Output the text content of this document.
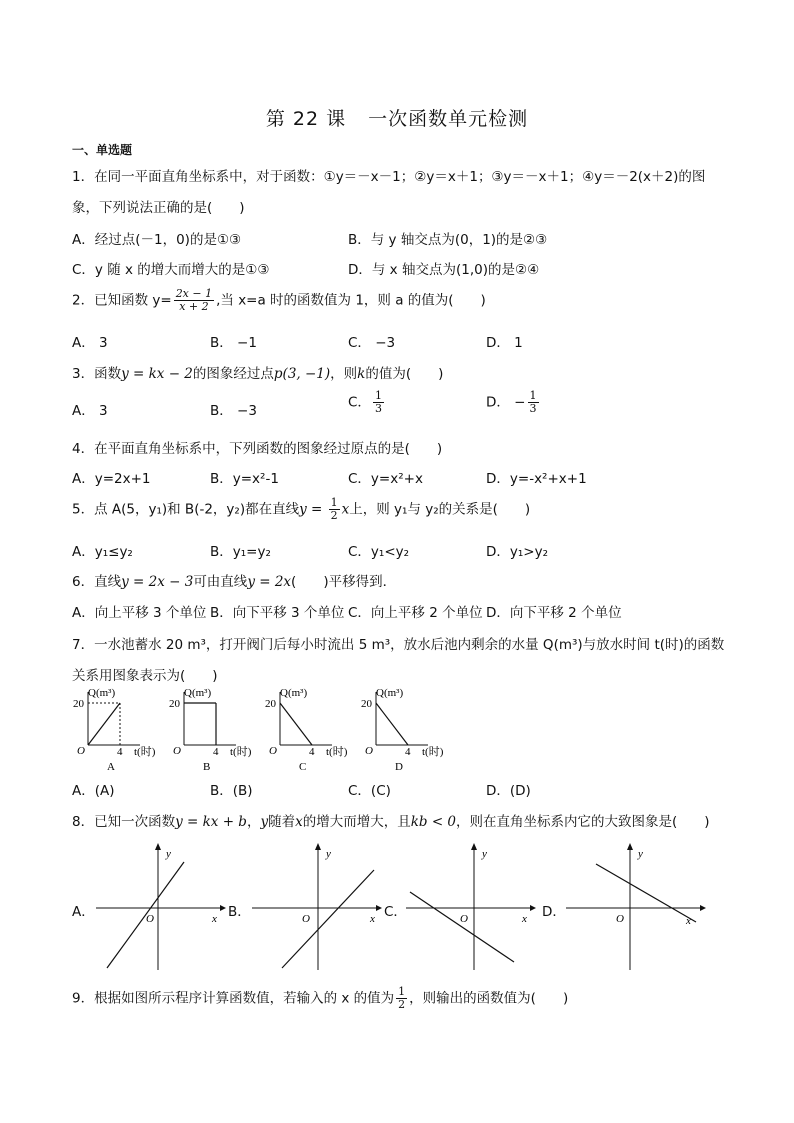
第 22 课 一次函数单元检测
一、单选题
1．在同一平面直角坐标系中，对于函数：①y＝－x－1；②y＝x＋1；③y＝－x＋1；④y＝－2(x＋2)的图
象，下列说法正确的是(　　)
A．经过点(－1，0)的是①③	B．与 y 轴交点为(0，1)的是②③
C．y 随 x 的增大而增大的是①③	D．与 x 轴交点为(1,0)的是②④
2．已知函数 $y= \frac{2x - 1}{x + 2}$ ,当 x=a 时的函数值为 1，则 a 的值为(　　)
A． 3	B． −1	C． −3	D． 1
3．函数y = kx − 2的图象经过点p(3, −1)，则k的值为(　　)
A． 3	B． −3
C． $\frac{1}{3}$	D． − $\frac{1}{3}$
4．在平面直角坐标系中，下列函数的图象经过原点的是(　　)
A．y=2x+1	B．y=x²-1	C．y=x²+x	D．y=-x²+x+1
5．点 A(5，y₁)和 B(-2，y₂)都在直线$y = \frac{1}{2}$ x上，则 y₁与 y₂的关系是(　　)
A．y₁≤y₂	B．y₁=y₂	C．y₁<y₂	D．y₁>y₂
6．直线y = 2x − 3可由直线y = 2x(　　)平移得到．
A．向上平移 3 个单位 B．向下平移 3 个单位 C．向上平移 2 个单位 D．向下平移 2 个单位
7．一水池蓄水 20 m³，打开阀门后每小时流出 5 m³，放水后池内剩余的水量 Q(m³)与放水时间 t(时)的函数
关系用图象表示为(　　)
Q(m³)
20
O	4 t(时)
A
Q(m³)
20
O	4 t(时)
B
Q(m³)
20
O	4 t(时)
C
Q(m³)
20
O	4 t(时)
D
A．(A)	B．(B)	C．(C)	D．(D)
8．已知一次函数y = kx + b，y随着x的增大而增大，且kb < 0，则在直角坐标系内它的大致图象是(　　)
A．	B．	C．	D．
O	x
y
O	x
y
O	x
y
O	x
y
9．根据如图所示程序计算函数值，若输入的 x 的值为 $\frac{1}{2}$ ，则输出的函数值为(　　)
